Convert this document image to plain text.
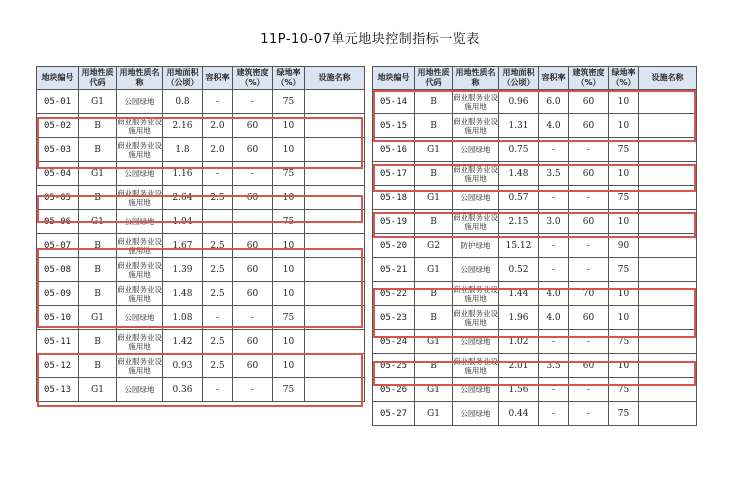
11P-10-07单元地块控制指标一览表
地块编号	用地性质代码	用地性质名称	用地面积（公顷）	容积率	建筑密度（%）	绿地率（%）	设施名称
05-01	G1	公园绿地	0.8	-	-	75	
05-02	B	商业服务业设施用地	2.16	2.0	60	10	
05-03	B	商业服务业设施用地	1.8	2.0	60	10	
05-04	G1	公园绿地	1.16	-	-	75	
05-05	B	商业服务业设施用地	2.64	2.5	60	10	
05-06	G1	公园绿地	1.04	-	-	75	
05-07	B	商业服务业设施用地	1.67	2.5	60	10	
05-08	B	商业服务业设施用地	1.39	2.5	60	10	
05-09	B	商业服务业设施用地	1.48	2.5	60	10	
05-10	G1	公园绿地	1.08	-	-	75	
05-11	B	商业服务业设施用地	1.42	2.5	60	10	
05-12	B	商业服务业设施用地	0.93	2.5	60	10	
05-13	G1	公园绿地	0.36	-	-	75	
地块编号	用地性质代码	用地性质名称	用地面积（公顷）	容积率	建筑密度（%）	绿地率（%）	设施名称
05-14	B	商业服务业设施用地	0.96	6.0	60	10	
05-15	B	商业服务业设施用地	1.31	4.0	60	10	
05-16	G1	公园绿地	0.75	-	-	75	
05-17	B	商业服务业设施用地	1.48	3.5	60	10	
05-18	G1	公园绿地	0.57	-	-	75	
05-19	B	商业服务业设施用地	2.15	3.0	60	10	
05-20	G2	防护绿地	15.12	-	-	90	
05-21	G1	公园绿地	0.52	-	-	75	
05-22	B	商业服务业设施用地	1.44	4.0	70	10	
05-23	B	商业服务业设施用地	1.96	4.0	60	10	
05-24	G1	公园绿地	1.02	-	-	75	
05-25	B	商业服务业设施用地	2.01	3.5	60	10	
05-26	G1	公园绿地	1.56	-	-	75	
05-27	G1	公园绿地	0.44	-	-	75	
